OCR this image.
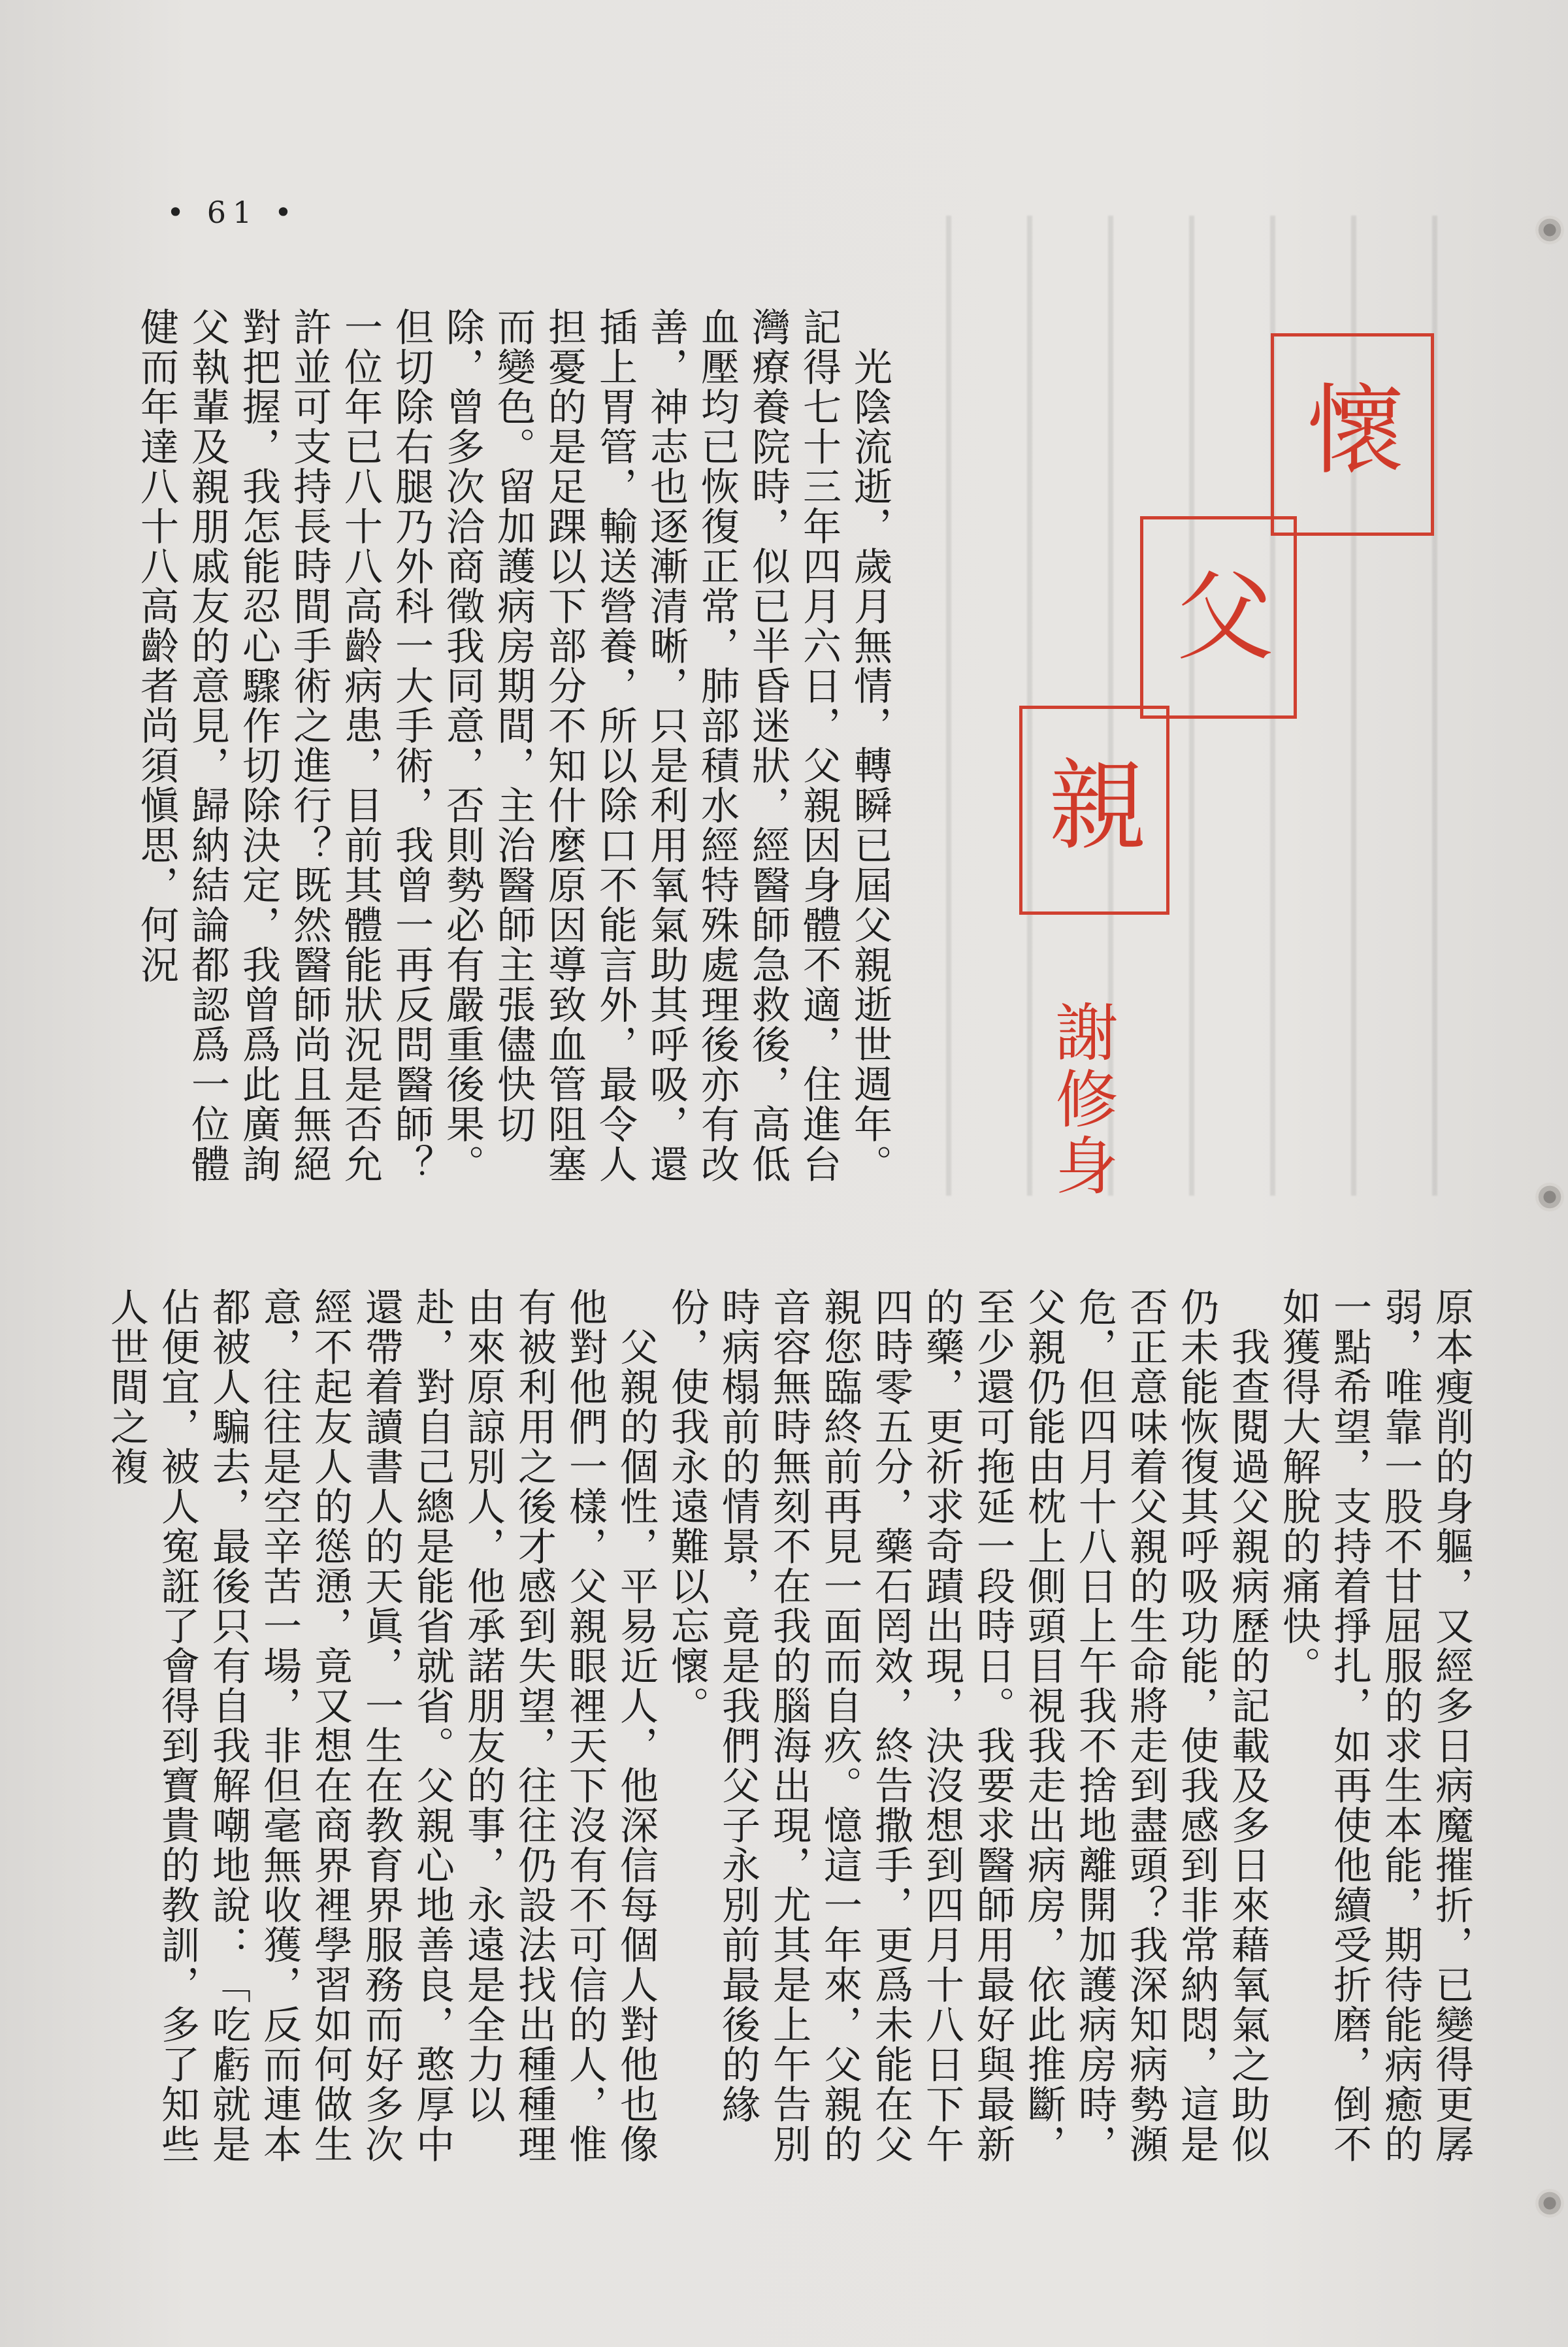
• 61 •
懷
父
親
謝修身
　光陰流逝，歲月無情，轉瞬已屆父親逝世週年。記得七十三年四月六日，父親因身體不適，住進台灣療養院時，似已半昏迷狀，經醫師急救後，高低血壓均已恢復正常，肺部積水經特殊處理後亦有改善，神志也逐漸清晰，只是利用氧氣助其呼吸，還插上胃管，輸送營養，所以除口不能言外，最令人担憂的是足踝以下部分不知什麼原因導致血管阻塞而變色。留加護病房期間，主治醫師主張儘快切除，曾多次洽商徵我同意，否則勢必有嚴重後果。但切除右腿乃外科一大手術，我曾一再反問醫師？一位年已八十八高齡病患，目前其體能狀況是否允許並可支持長時間手術之進行？既然醫師尚且無絕對把握，我怎能忍心驟作切除決定，我曾爲此廣詢父執輩及親朋戚友的意見，歸納結論都認爲一位體健而年達八十八高齡者尚須愼思，何況
原本瘦削的身軀，又經多日病魔摧折，已變得更孱弱，唯靠一股不甘屈服的求生本能，期待能病癒的一點希望，支持着掙扎，如再使他續受折磨，倒不如獲得大解脫的痛快。
　我查閱過父親病歷的記載及多日來藉氧氣之助似仍未能恢復其呼吸功能，使我感到非常納悶，這是否正意味着父親的生命將走到盡頭？我深知病勢瀕危，但四月十八日上午我不捨地離開加護病房時，父親仍能由枕上側頭目視我走出病房，依此推斷，至少還可拖延一段時日。我要求醫師用最好與最新的藥，更祈求奇蹟出現，決沒想到四月十八日下午四時零五分，藥石罔效，終告撒手，更爲未能在父親您臨終前再見一面而自疚。憶這一年來，父親的音容無時無刻不在我的腦海出現，尤其是上午告別時病榻前的情景，竟是我們父子永別前最後的緣份，使我永遠難以忘懷。
　父親的個性，平易近人，他深信每個人對他也像他對他們一樣，父親眼裡天下沒有不可信的人，惟有被利用之後才感到失望，往往仍設法找出種種理由來原諒別人，他承諾朋友的事，永遠是全力以赴，對自己總是能省就省。父親心地善良，憨厚中還帶着讀書人的天眞，一生在教育界服務而好多次經不起友人的慫慂，竟又想在商界裡學習如何做生意，往往是空辛苦一場，非但毫無收獲，反而連本都被人騙去，最後只有自我解嘲地說：「吃虧就是佔便宜，被人寃誑了會得到寶貴的教訓，多了知些人世間之複
